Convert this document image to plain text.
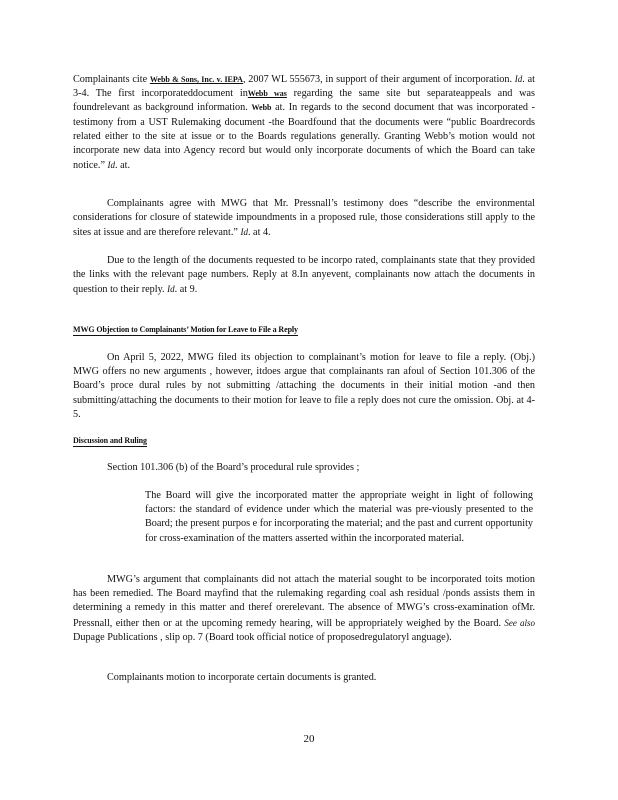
Complainants cite Webb & Sons, Inc. v. IEPA, 2007 WL 555673, in support of their argument of incorporation. Id. at 3-4. The first incorporateddocument inWebb was regarding the same site but separateappeals and was foundrelevant as background information. Webb at. In regards to the second document that was incorporated -testimony from a UST Rulemaking document -the Boardfound that the documents were “public Boardrecords related either to the site at issue or to the Boards regulations generally. Granting Webb’s motion would not incorporate new data into Agency record but would only incorporate documents of which the Board can take notice.” Id. at.

Complainants agree with MWG that Mr. Pressnall’s testimony does “describe the environmental considerations for closure of statewide impoundments in a proposed rule, those considerations still apply to the sites at issue and are therefore relevant.” Id. at 4.

Due to the length of the documents requested to be incorpo rated, complainants state that they provided the links with the relevant page numbers. Reply at 8.In anyevent, complainants now attach the documents in question to their reply. Id. at 9.

MWG Objection to Complainants’ Motion for Leave to File a Reply

On April 5, 2022, MWG filed its objection to complainant’s motion for leave to file a reply. (Obj.) MWG offers no new arguments , however, itdoes argue that complainants ran afoul of Section 101.306 of the Board’s proce dural rules by not submitting /attaching the documents in their initial motion -and then submitting/attaching the documents to their motion for leave to file a reply does not cure the omission. Obj. at 4- 5.

Discussion and Ruling

Section 101.306 (b) of the Board’s procedural rule sprovides ;

The Board will give the incorporated matter the appropriate weight in light of following factors: the standard of evidence under which the material was pre-viously presented to the Board; the present purpos e for incorporating the material; and the past and current opportunity for cross-examination of the matters asserted within the incorporated material.

MWG’s argument that complainants did not attach the material sought to be incorporated toits motion has been remedied. The Board mayfind that the rulemaking regarding coal ash residual /ponds assists them in determining a remedy in this matter and theref orerelevant. The absence of MWG’s cross-examination ofMr. Pressnall, either then or at the upcoming remedy hearing, will be appropriately weighed by the Board. See also Dupage Publications , slip op. 7 (Board took official notice of proposedregulatoryl anguage).

Complainants motion to incorporate certain documents is granted.

20
